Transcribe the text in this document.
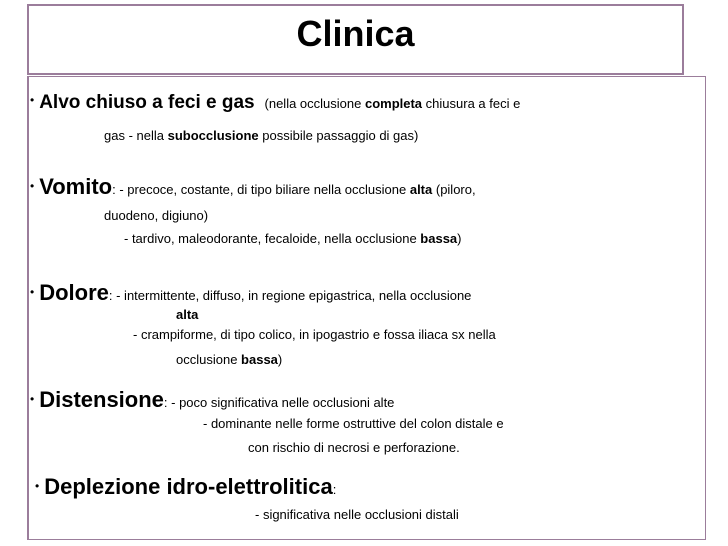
Clinica
• Alvo chiuso a feci e gas (nella occlusione completa chiusura a feci e
gas - nella subocclusione possibile passaggio di gas)
• Vomito: - precoce, costante, di tipo biliare nella occlusione alta (piloro,
duodeno, digiuno)
- tardivo, maleodorante, fecaloide, nella occlusione bassa)
• Dolore: - intermittente, diffuso, in regione epigastrica, nella occlusione
alta
- crampiforme, di tipo colico, in ipogastrio e fossa iliaca sx nella
occlusione bassa)
• Distensione: - poco significativa nelle occlusioni alte
- dominante nelle forme ostruttive del colon distale e
con rischio di necrosi e perforazione.
• Deplezione idro-elettrolitica:
- significativa nelle occlusioni distali
